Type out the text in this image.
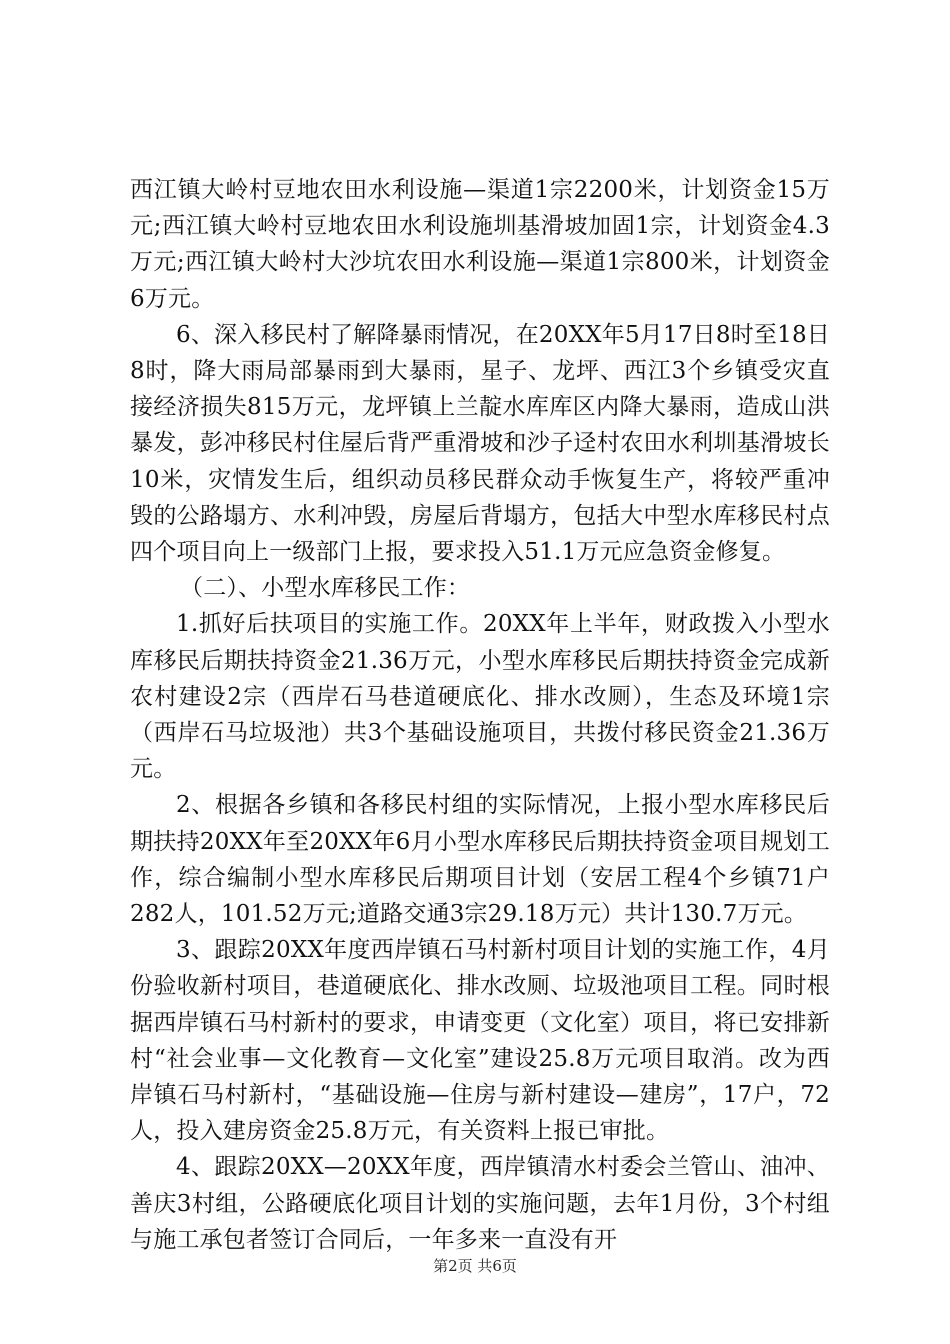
西江镇大岭村豆地农田水利设施—渠道1宗2200米，计划资金15万元;西江镇大岭村豆地农田水利设施圳基滑坡加固1宗，计划资金4.3万元;西江镇大岭村大沙坑农田水利设施—渠道1宗800米，计划资金6万元。

6、深入移民村了解降暴雨情况，在20XX年5月17日8时至18日8时，降大雨局部暴雨到大暴雨，星子、龙坪、西江3个乡镇受灾直接经济损失815万元，龙坪镇上兰靛水库库区内降大暴雨，造成山洪暴发，彭冲移民村住屋后背严重滑坡和沙子迳村农田水利圳基滑坡长10米，灾情发生后，组织动员移民群众动手恢复生产，将较严重冲毁的公路塌方、水利冲毁，房屋后背塌方，包括大中型水库移民村点四个项目向上一级部门上报，要求投入51.1万元应急资金修复。

（二）、小型水库移民工作：

1.抓好后扶项目的实施工作。20XX年上半年，财政拨入小型水库移民后期扶持资金21.36万元，小型水库移民后期扶持资金完成新农村建设2宗（西岸石马巷道硬底化、排水改厕），生态及环境1宗（西岸石马垃圾池）共3个基础设施项目，共拨付移民资金21.36万元。

2、根据各乡镇和各移民村组的实际情况，上报小型水库移民后期扶持20XX年至20XX年6月小型水库移民后期扶持资金项目规划工作，综合编制小型水库移民后期项目计划（安居工程4个乡镇71户282人，101.52万元;道路交通3宗29.18万元）共计130.7万元。

3、跟踪20XX年度西岸镇石马村新村项目计划的实施工作，4月份验收新村项目，巷道硬底化、排水改厕、垃圾池项目工程。同时根据西岸镇石马村新村的要求，申请变更（文化室）项目，将已安排新村“社会业事—文化教育—文化室”建设25.8万元项目取消。改为西岸镇石马村新村，“基础设施—住房与新村建设—建房”，17户，72人，投入建房资金25.8万元，有关资料上报已审批。

4、跟踪20XX—20XX年度，西岸镇清水村委会兰管山、油冲、善庆3村组，公路硬底化项目计划的实施问题，去年1月份，3个村组与施工承包者签订合同后，一年多来一直没有开

第2页 共6页
